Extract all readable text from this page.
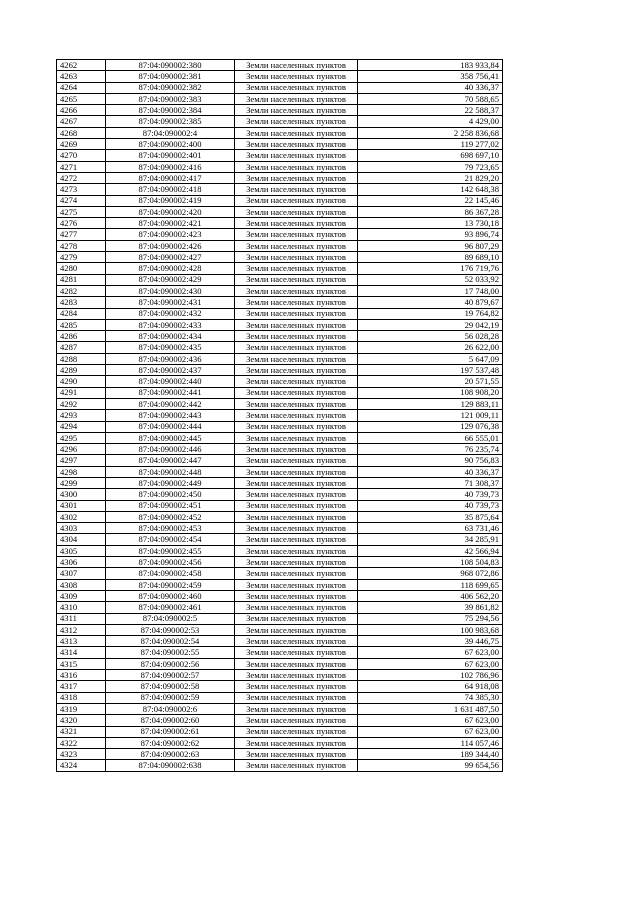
4262	87:04:090002:380	Земли населенных пунктов	183 933,84
4263	87:04:090002:381	Земли населенных пунктов	358 756,41
4264	87:04:090002:382	Земли населенных пунктов	40 336,37
4265	87:04:090002:383	Земли населенных пунктов	70 588,65
4266	87:04:090002:384	Земли населенных пунктов	22 588,37
4267	87:04:090002:385	Земли населенных пунктов	4 429,00
4268	87:04:090002:4	Земли населенных пунктов	2 258 836,68
4269	87:04:090002:400	Земли населенных пунктов	119 277,02
4270	87:04:090002:401	Земли населенных пунктов	698 697,10
4271	87:04:090002:416	Земли населенных пунктов	79 723,65
4272	87:04:090002:417	Земли населенных пунктов	21 829,20
4273	87:04:090002:418	Земли населенных пунктов	142 648,38
4274	87:04:090002:419	Земли населенных пунктов	22 145,46
4275	87:04:090002:420	Земли населенных пунктов	86 367,28
4276	87:04:090002:421	Земли населенных пунктов	13 730,18
4277	87:04:090002:423	Земли населенных пунктов	93 896,74
4278	87:04:090002:426	Земли населенных пунктов	96 807,29
4279	87:04:090002:427	Земли населенных пунктов	89 689,10
4280	87:04:090002:428	Земли населенных пунктов	176 719,76
4281	87:04:090002:429	Земли населенных пунктов	52 033,92
4282	87:04:090002:430	Земли населенных пунктов	17 748,00
4283	87:04:090002:431	Земли населенных пунктов	40 879,67
4284	87:04:090002:432	Земли населенных пунктов	19 764,82
4285	87:04:090002:433	Земли населенных пунктов	29 042,19
4286	87:04:090002:434	Земли населенных пунктов	56 028,28
4287	87:04:090002:435	Земли населенных пунктов	26 622,00
4288	87:04:090002:436	Земли населенных пунктов	5 647,09
4289	87:04:090002:437	Земли населенных пунктов	197 537,48
4290	87:04:090002:440	Земли населенных пунктов	20 571,55
4291	87:04:090002:441	Земли населенных пунктов	108 908,20
4292	87:04:090002:442	Земли населенных пунктов	129 883,11
4293	87:04:090002:443	Земли населенных пунктов	121 009,11
4294	87:04:090002:444	Земли населенных пунктов	129 076,38
4295	87:04:090002:445	Земли населенных пунктов	66 555,01
4296	87:04:090002:446	Земли населенных пунктов	76 235,74
4297	87:04:090002:447	Земли населенных пунктов	90 756,83
4298	87:04:090002:448	Земли населенных пунктов	40 336,37
4299	87:04:090002:449	Земли населенных пунктов	71 308,37
4300	87:04:090002:450	Земли населенных пунктов	40 739,73
4301	87:04:090002:451	Земли населенных пунктов	40 739,73
4302	87:04:090002:452	Земли населенных пунктов	35 875,64
4303	87:04:090002:453	Земли населенных пунктов	63 731,46
4304	87:04:090002:454	Земли населенных пунктов	34 285,91
4305	87:04:090002:455	Земли населенных пунктов	42 566,94
4306	87:04:090002:456	Земли населенных пунктов	108 504,83
4307	87:04:090002:458	Земли населенных пунктов	968 072,86
4308	87:04:090002:459	Земли населенных пунктов	118 699,65
4309	87:04:090002:460	Земли населенных пунктов	406 562,20
4310	87:04:090002:461	Земли населенных пунктов	39 861,82
4311	87:04:090002:5	Земли населенных пунктов	75 294,56
4312	87:04:090002:53	Земли населенных пунктов	100 983,68
4313	87:04:090002:54	Земли населенных пунктов	39 446,75
4314	87:04:090002:55	Земли населенных пунктов	67 623,00
4315	87:04:090002:56	Земли населенных пунктов	67 623,00
4316	87:04:090002:57	Земли населенных пунктов	102 786,96
4317	87:04:090002:58	Земли населенных пунктов	64 918,08
4318	87:04:090002:59	Земли населенных пунктов	74 385,30
4319	87:04:090002:6	Земли населенных пунктов	1 631 487,50
4320	87:04:090002:60	Земли населенных пунктов	67 623,00
4321	87:04:090002:61	Земли населенных пунктов	67 623,00
4322	87:04:090002:62	Земли населенных пунктов	114 057,46
4323	87:04:090002:63	Земли населенных пунктов	189 344,40
4324	87:04:090002:638	Земли населенных пунктов	99 654,56
